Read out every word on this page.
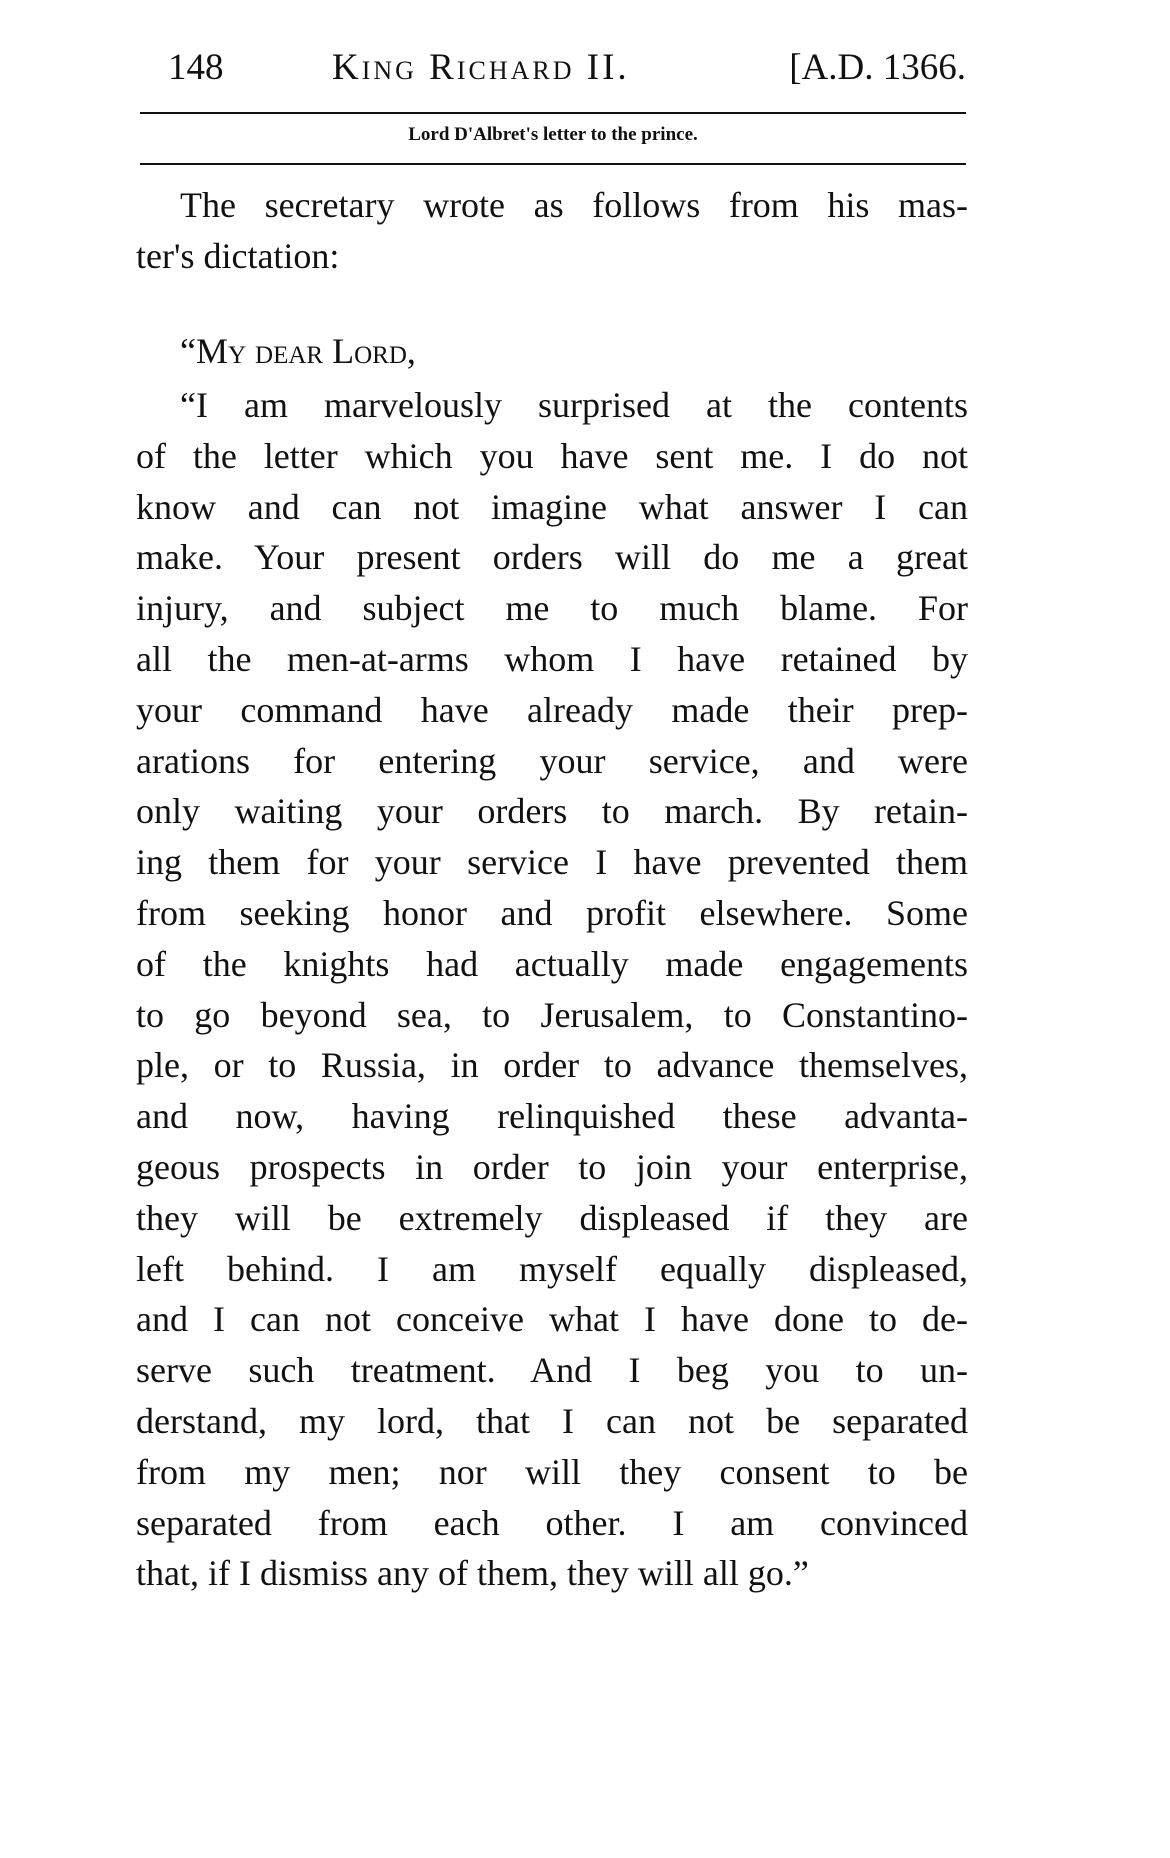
148	King Richard II.	[A.D. 1366.
Lord D'Albret's letter to the prince.
The secretary wrote as follows from his mas-
ter's dictation:
“My dear Lord,
“I am marvelously surprised at the contents
of the letter which you have sent me. I do not
know and can not imagine what answer I can
make. Your present orders will do me a great
injury, and subject me to much blame. For
all the men-at-arms whom I have retained by
your command have already made their prep-
arations for entering your service, and were
only waiting your orders to march. By retain-
ing them for your service I have prevented them
from seeking honor and profit elsewhere. Some
of the knights had actually made engagements
to go beyond sea, to Jerusalem, to Constantino-
ple, or to Russia, in order to advance themselves,
and now, having relinquished these advanta-
geous prospects in order to join your enterprise,
they will be extremely displeased if they are
left behind. I am myself equally displeased,
and I can not conceive what I have done to de-
serve such treatment. And I beg you to un-
derstand, my lord, that I can not be separated
from my men; nor will they consent to be
separated from each other. I am convinced
that, if I dismiss any of them, they will all go.”
